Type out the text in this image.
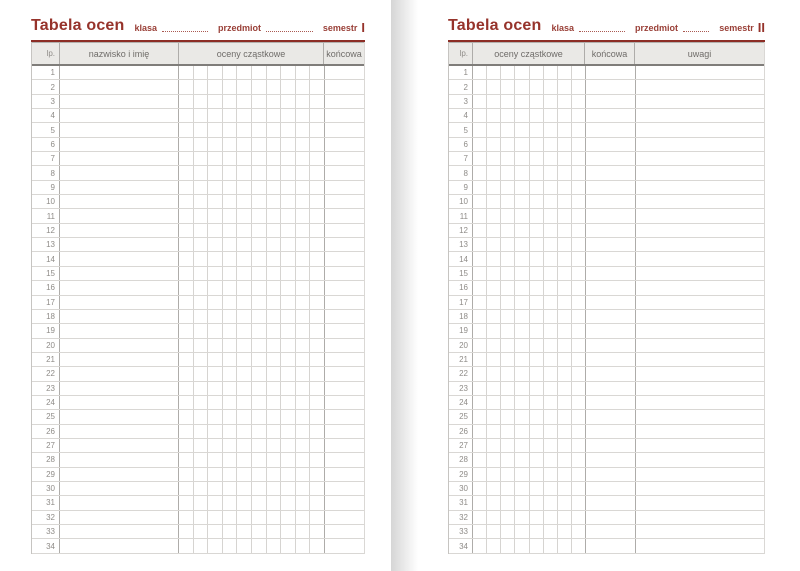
Tabela ocen klasa	przedmiot	semestr I
lp.	nazwisko i imię	oceny cząstkowe	końcowa
1
2
3
4
5
6
7
8
9
10
11
12
13
14
15
16
17
18
19
20
21
22
23
24
25
26
27
28
29
30
31
32
33
34
Tabela ocen klasa	przedmiot	semestr II
lp.	oceny cząstkowe	końcowa	uwagi
1
2
3
4
5
6
7
8
9
10
11
12
13
14
15
16
17
18
19
20
21
22
23
24
25
26
27
28
29
30
31
32
33
34
